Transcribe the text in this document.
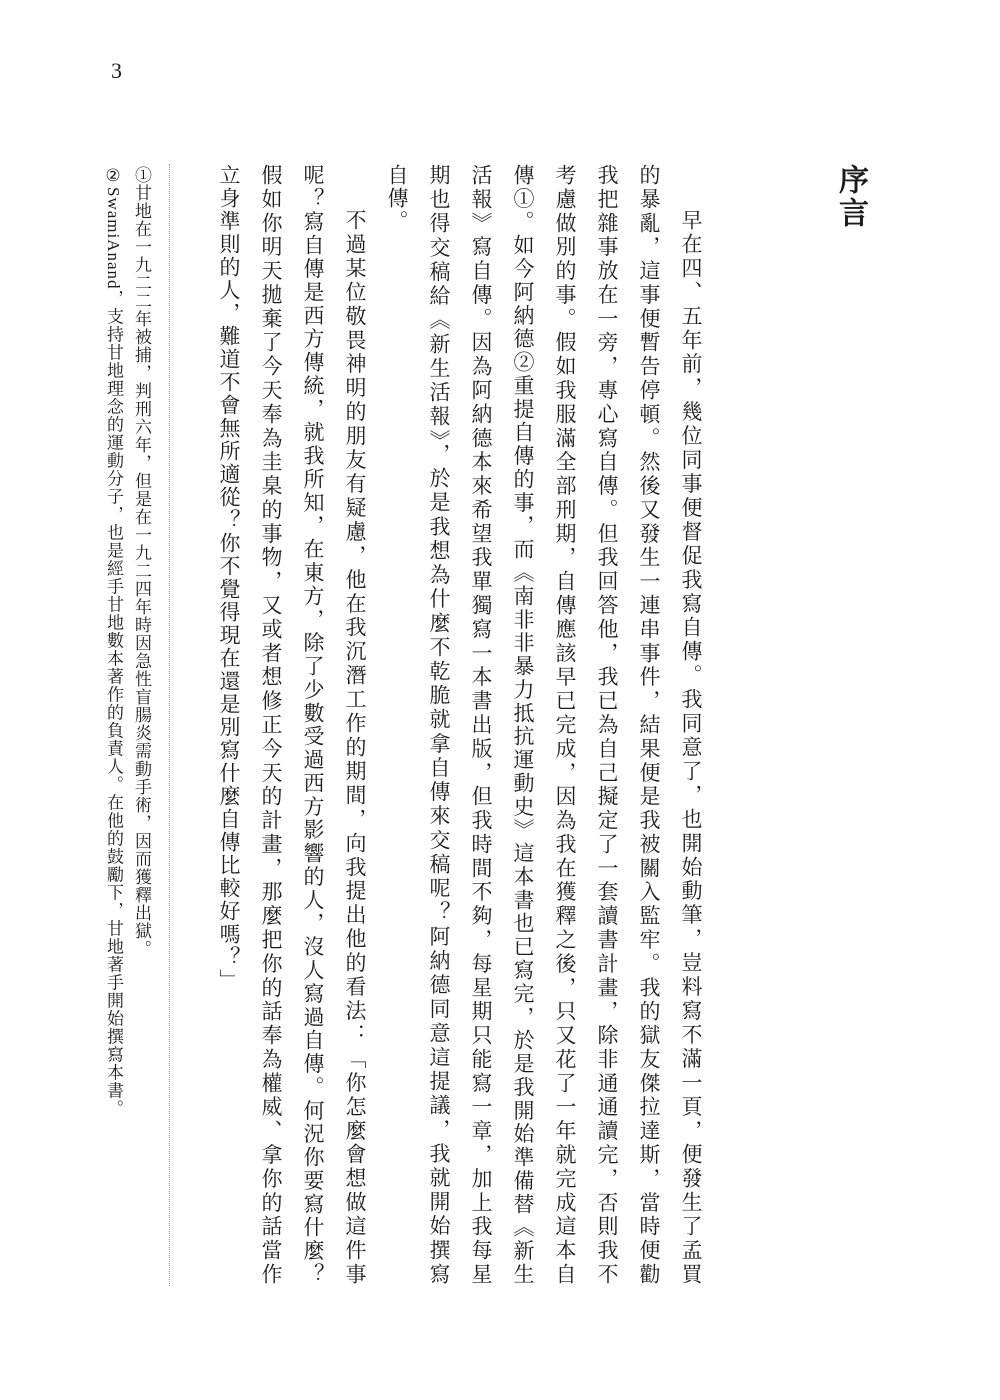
3
序言
早在四、五年前，幾位同事便督促我寫自傳。我同意了，也開始動筆，豈料寫不滿一頁，便發生了孟買
的暴亂，這事便暫告停頓。然後又發生一連串事件，結果便是我被關入監牢。我的獄友傑拉達斯，當時便勸
我把雜事放在一旁，專心寫自傳。但我回答他，我已為自己擬定了一套讀書計畫，除非通通讀完，否則我不
考慮做別的事。假如我服滿全部刑期，自傳應該早已完成，因為我在獲釋之後，只又花了一年就完成這本自
傳①。如今阿納德②重提自傳的事，而《南非非暴力抵抗運動史》這本書也已寫完，於是我開始準備替《新生
活報》寫自傳。因為阿納德本來希望我單獨寫一本書出版，但我時間不夠，每星期只能寫一章，加上我每星
期也得交稿給《新生活報》，於是我想為什麼不乾脆就拿自傳來交稿呢？阿納德同意這提議，我就開始撰寫
自傳。
不過某位敬畏神明的朋友有疑慮，他在我沉潛工作的期間，向我提出他的看法：「你怎麼會想做這件事
呢？寫自傳是西方傳統，就我所知，在東方，除了少數受過西方影響的人，沒人寫過自傳。何況你要寫什麼？
假如你明天拋棄了今天奉為圭臬的事物，又或者想修正今天的計畫，那麼把你的話奉為權威、拿你的話當作
立身準則的人，難道不會無所適從？你不覺得現在還是別寫什麼自傳比較好嗎？」
①甘地在一九二二年被捕，判刑六年，但是在一九二四年時因急性盲腸炎需動手術，因而獲釋出獄。
②SwamiAnand，支持甘地理念的運動分子，也是經手甘地數本著作的負責人。在他的鼓勵下，甘地著手開始撰寫本書。
